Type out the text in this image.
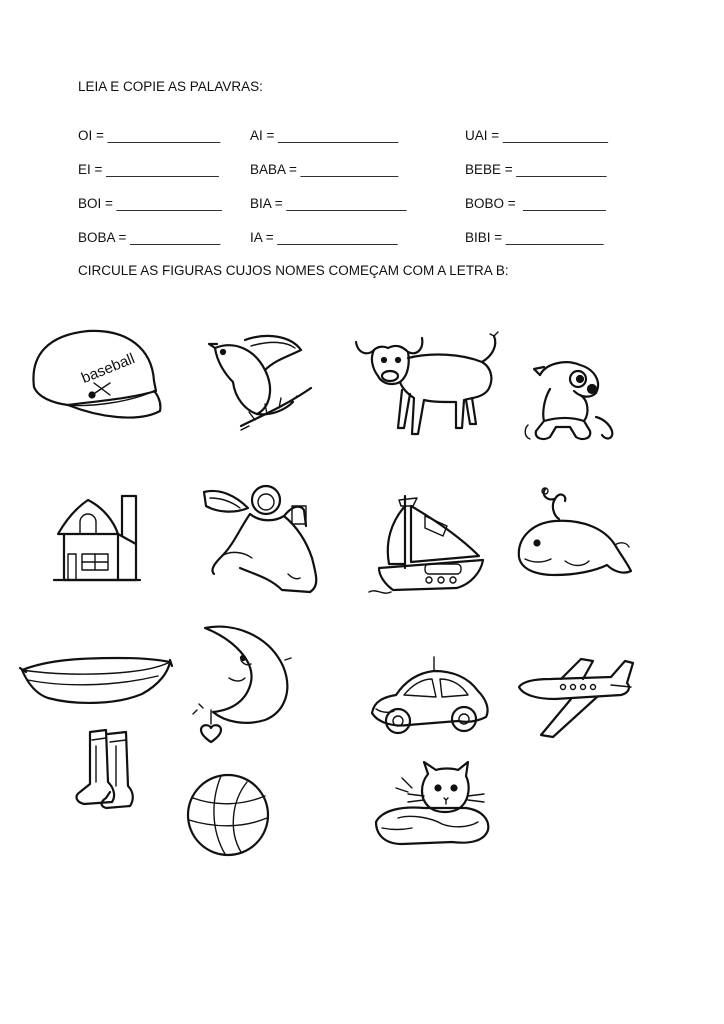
LEIA E COPIE AS PALAVRAS:
OI = _______________ AI = ________________	UAI = ______________
EI = _______________ BABA = _____________	BEBE = ____________
BOI = ______________ BIA = ________________	BOBO =  ___________
BOBA = ____________ IA = ________________	BIBI = _____________
CIRCULE AS FIGURAS CUJOS NOMES COMEÇAM COM A LETRA B:
baseball
